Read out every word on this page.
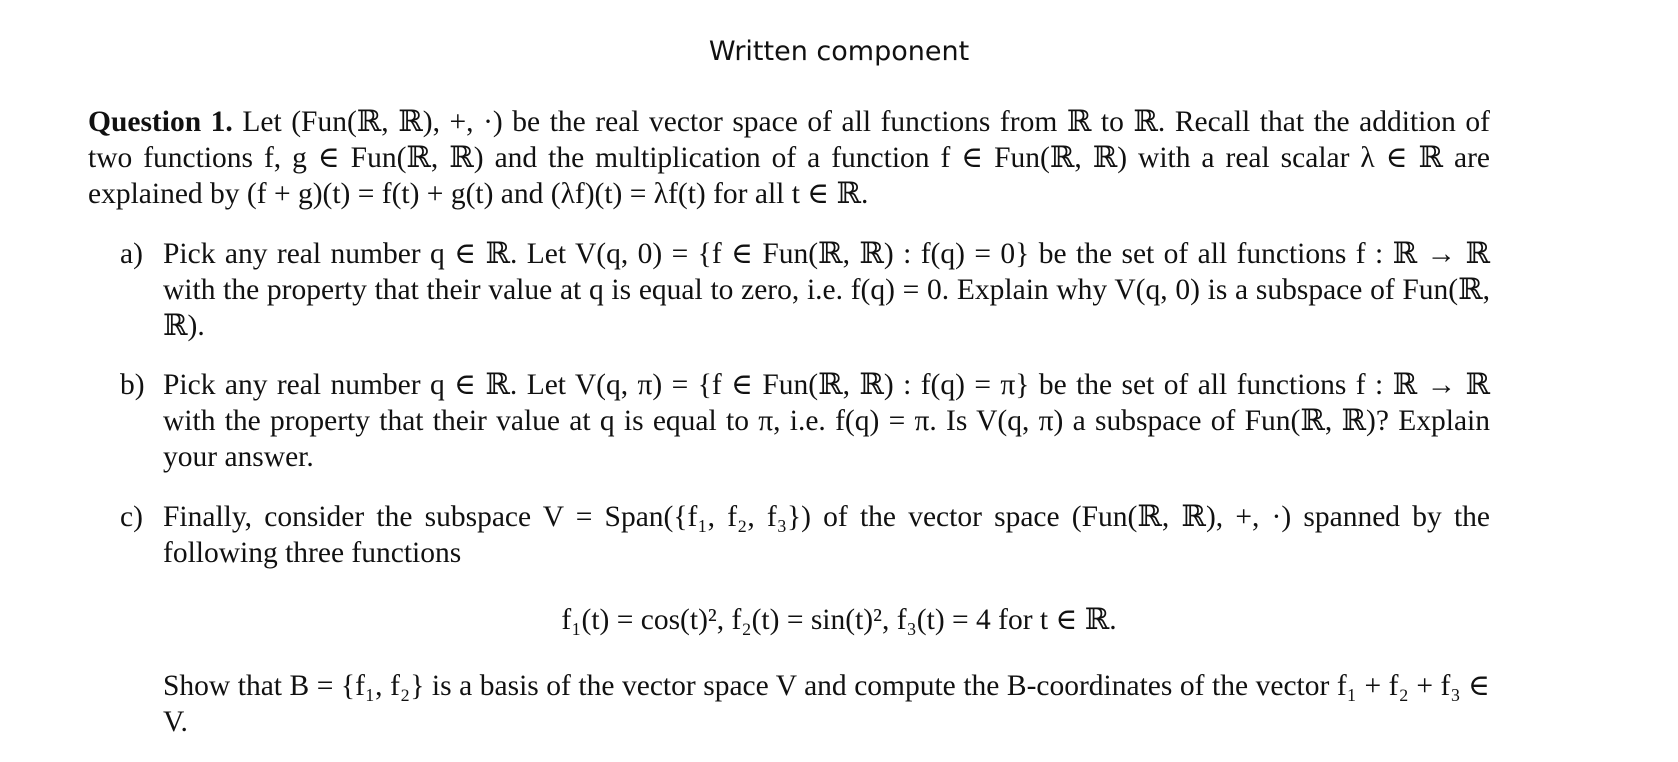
Written component
Question 1. Let (Fun(ℝ, ℝ), +, ·) be the real vector space of all functions from ℝ to ℝ. Recall that the addition of two functions f, g ∈ Fun(ℝ, ℝ) and the multiplication of a function f ∈ Fun(ℝ, ℝ) with a real scalar λ ∈ ℝ are explained by (f + g)(t) = f(t) + g(t) and (λf)(t) = λf(t) for all t ∈ ℝ.
a) Pick any real number q ∈ ℝ. Let V(q, 0) = {f ∈ Fun(ℝ, ℝ) : f(q) = 0} be the set of all functions f : ℝ → ℝ with the property that their value at q is equal to zero, i.e. f(q) = 0. Explain why V(q, 0) is a subspace of Fun(ℝ, ℝ).
b) Pick any real number q ∈ ℝ. Let V(q, π) = {f ∈ Fun(ℝ, ℝ) : f(q) = π} be the set of all functions f : ℝ → ℝ with the property that their value at q is equal to π, i.e. f(q) = π. Is V(q, π) a subspace of Fun(ℝ, ℝ)? Explain your answer.
c) Finally, consider the subspace V = Span({f₁, f₂, f₃}) of the vector space (Fun(ℝ, ℝ), +, ·) spanned by the following three functions
f₁(t) = cos(t)², f₂(t) = sin(t)², f₃(t) = 4 for t ∈ ℝ.
Show that B = {f₁, f₂} is a basis of the vector space V and compute the B-coordinates of the vector f₁ + f₂ + f₃ ∈ V.
